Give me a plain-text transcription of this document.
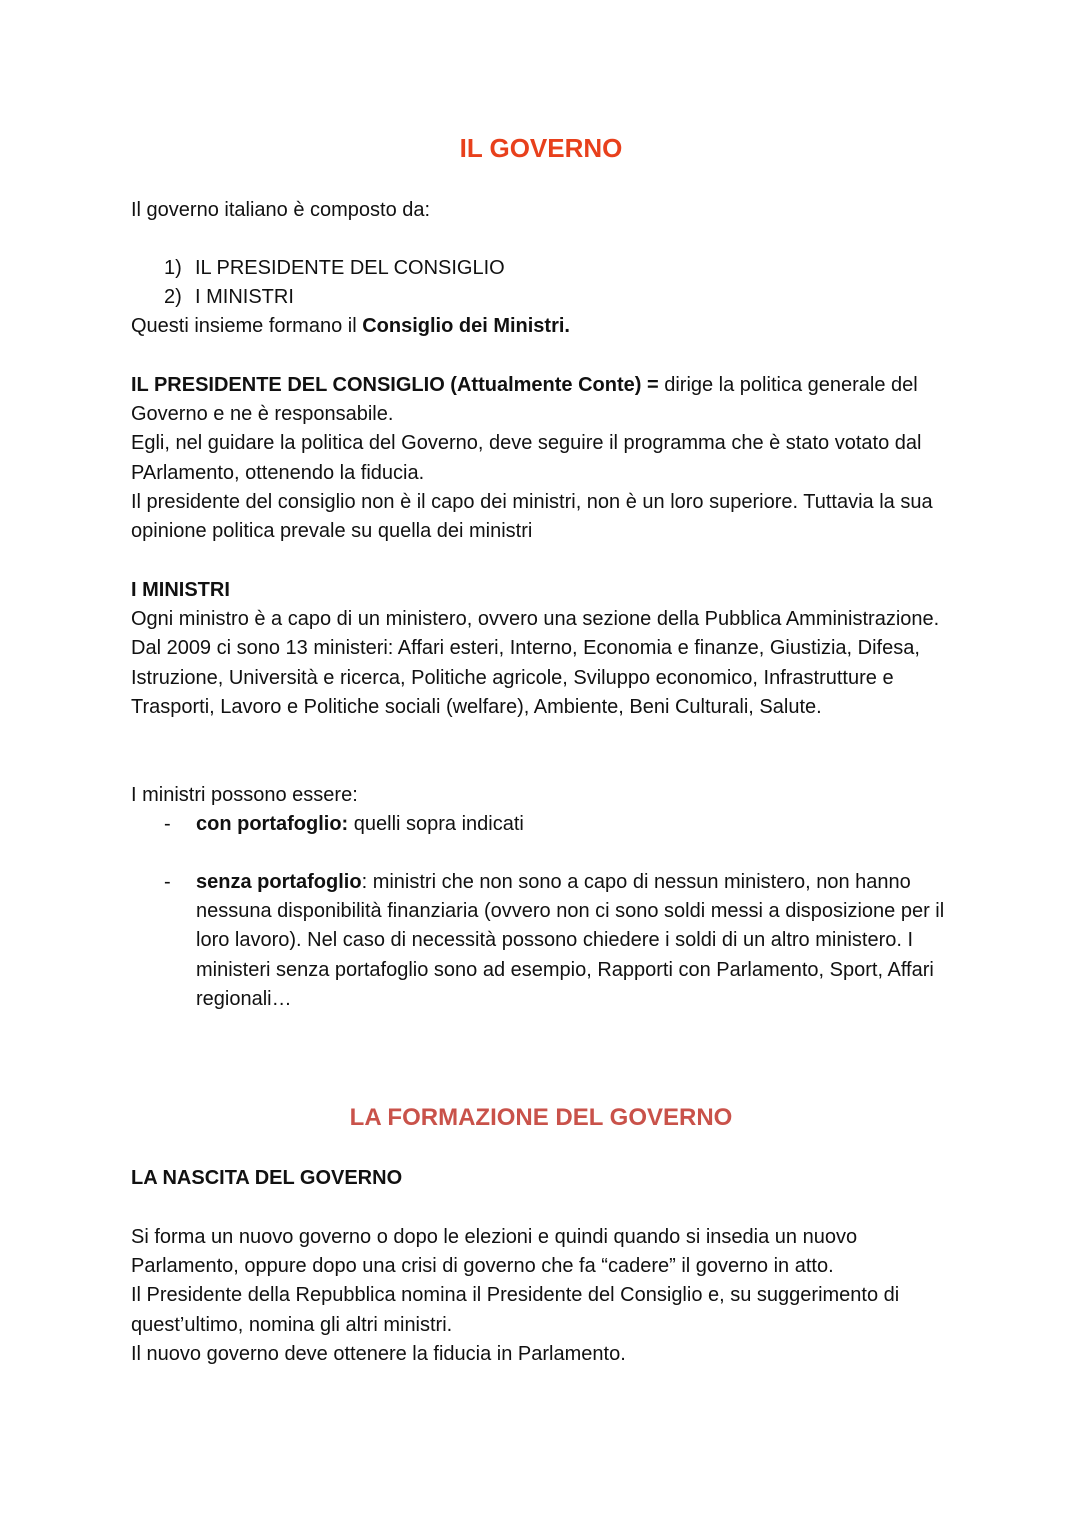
IL GOVERNO

Il governo italiano è composto da:

1) IL PRESIDENTE DEL CONSIGLIO
2) I MINISTRI

Questi insieme formano il Consiglio dei Ministri.

IL PRESIDENTE DEL CONSIGLIO (Attualmente Conte) = dirige la politica generale del Governo e ne è responsabile.

Egli, nel guidare la politica del Governo, deve seguire il programma che è stato votato dal PArlamento, ottenendo la fiducia.

Il presidente del consiglio non è il capo dei ministri, non è un loro superiore. Tuttavia la sua opinione politica prevale su quella dei ministri

I MINISTRI

Ogni ministro è a capo di un ministero, ovvero una sezione della Pubblica Amministrazione. Dal 2009 ci sono 13 ministeri: Affari esteri, Interno, Economia e finanze, Giustizia, Difesa, Istruzione, Università e ricerca, Politiche agricole, Sviluppo economico, Infrastrutture e Trasporti, Lavoro e Politiche sociali (welfare), Ambiente, Beni Culturali, Salute.

I ministri possono essere:

- con portafoglio: quelli sopra indicati
- senza portafoglio: ministri che non sono a capo di nessun ministero, non hanno nessuna disponibilità finanziaria (ovvero non ci sono soldi messi a disposizione per il loro lavoro). Nel caso di necessità possono chiedere i soldi di un altro ministero. I ministeri senza portafoglio sono ad esempio, Rapporti con Parlamento, Sport, Affari regionali…
LA FORMAZIONE DEL GOVERNO

LA NASCITA DEL GOVERNO

Si forma un nuovo governo o dopo le elezioni e quindi quando si insedia un nuovo Parlamento, oppure dopo una crisi di governo che fa “cadere” il governo in atto.

Il Presidente della Repubblica nomina il Presidente del Consiglio e, su suggerimento di quest’ultimo, nomina gli altri ministri.

Il nuovo governo deve ottenere la fiducia in Parlamento.
